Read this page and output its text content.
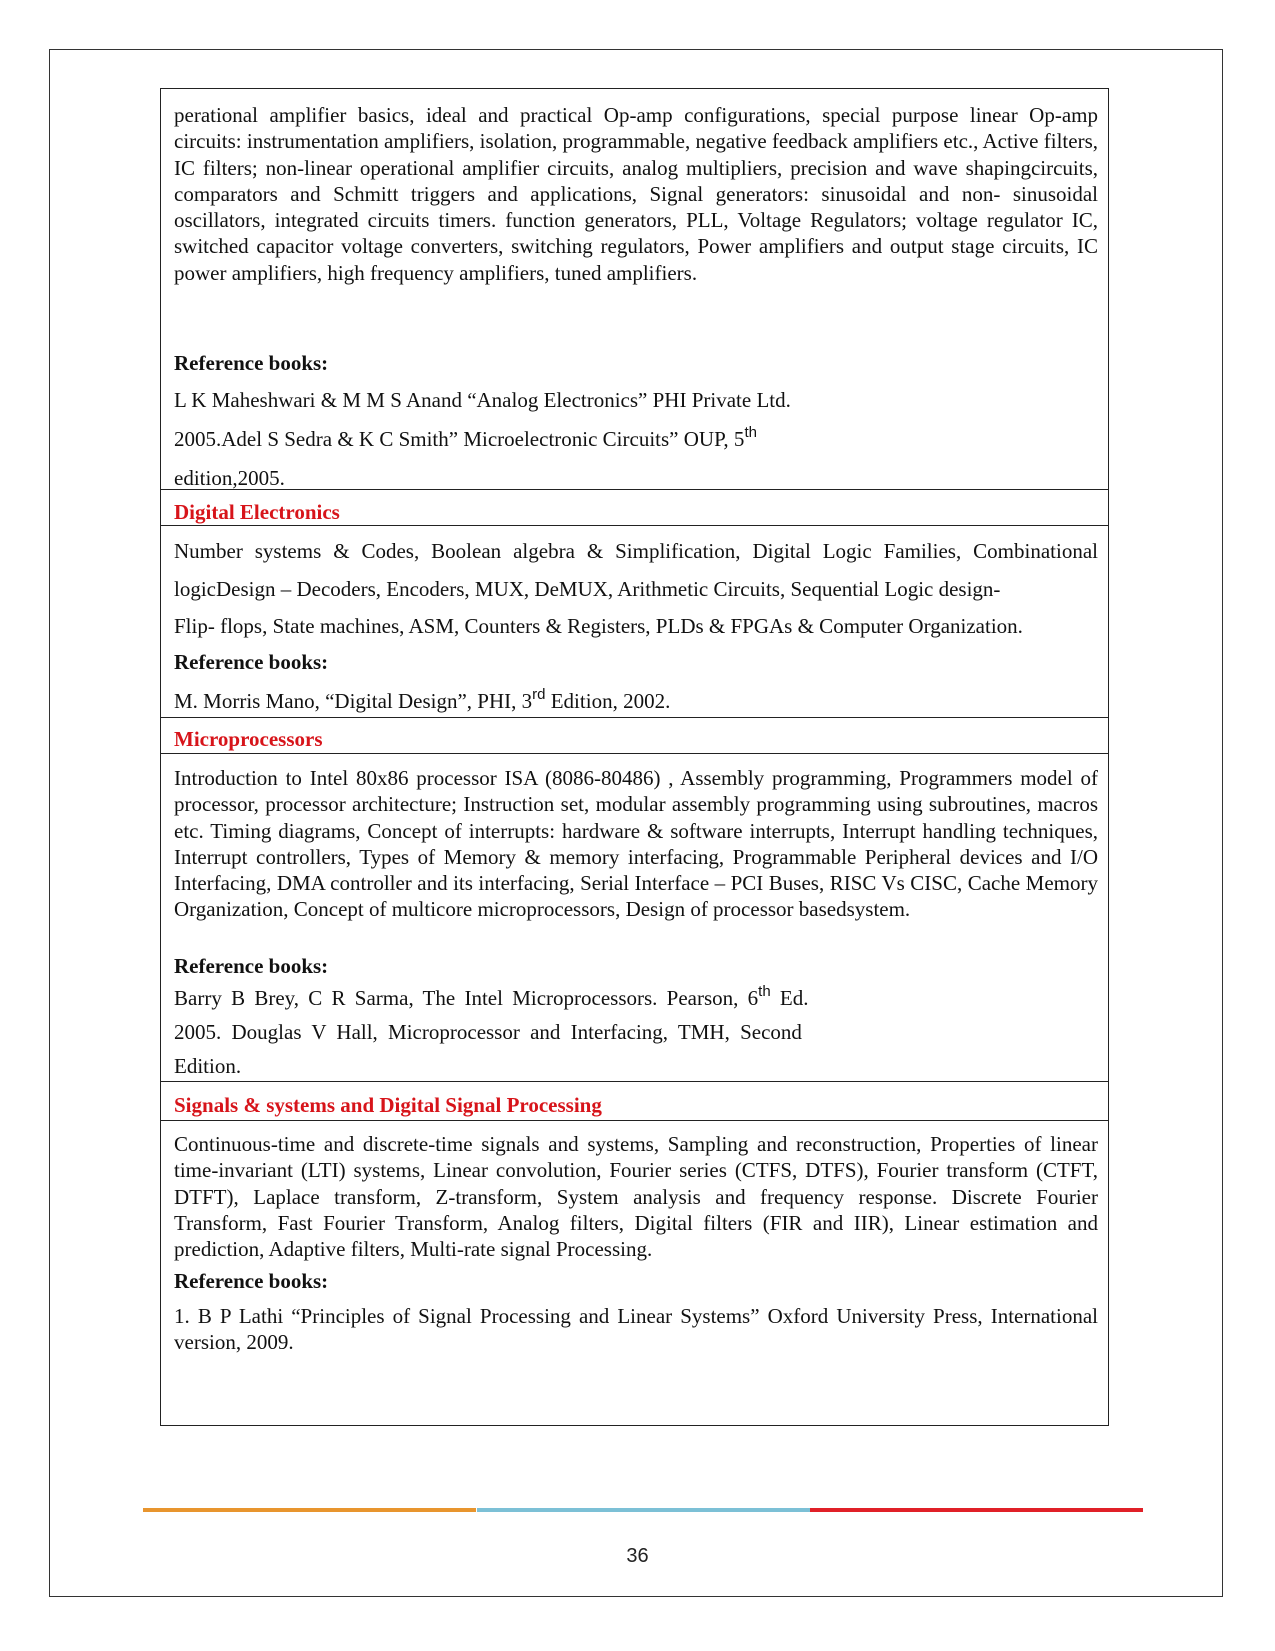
perational amplifier basics, ideal and practical Op-amp configurations, special purpose linear Op-amp circuits: instrumentation amplifiers, isolation, programmable, negative feedback amplifiers etc., Active filters, IC filters; non-linear operational amplifier circuits, analog multipliers, precision and wave shapingcircuits, comparators and Schmitt triggers and applications, Signal generators: sinusoidal and non- sinusoidal oscillators, integrated circuits timers. function generators, PLL, Voltage Regulators; voltage regulator IC, switched capacitor voltage converters, switching regulators, Power amplifiers and output stage circuits, IC power amplifiers, high frequency amplifiers, tuned amplifiers.

Reference books:
L K Maheshwari & M M S Anand “Analog Electronics” PHI Private Ltd.
2005.Adel S Sedra & K C Smith” Microelectronic Circuits” OUP, 5th
edition,2005.
Digital Electronics
Number systems & Codes, Boolean algebra & Simplification, Digital Logic Families, Combinational
logicDesign – Decoders, Encoders, MUX, DeMUX, Arithmetic Circuits, Sequential Logic design-
Flip- flops, State machines, ASM, Counters & Registers, PLDs & FPGAs & Computer Organization.
Reference books:
M. Morris Mano, “Digital Design”, PHI, 3rd Edition, 2002.
Microprocessors

Introduction to Intel 80x86 processor ISA (8086-80486) , Assembly programming, Programmers model of processor, processor architecture; Instruction set, modular assembly programming using subroutines, macros etc. Timing diagrams, Concept of interrupts: hardware & software interrupts, Interrupt handling techniques, Interrupt controllers, Types of Memory & memory interfacing, Programmable Peripheral devices and I/O Interfacing, DMA controller and its interfacing, Serial Interface – PCI Buses, RISC Vs CISC, Cache Memory Organization, Concept of multicore microprocessors, Design of processor basedsystem.

Reference books:
Barry B Brey, C R Sarma, The Intel Microprocessors. Pearson, 6th Ed.
2005. Douglas V Hall, Microprocessor and Interfacing, TMH, Second
Edition.
Signals & systems and Digital Signal Processing

Continuous-time and discrete-time signals and systems, Sampling and reconstruction, Properties of linear time-invariant (LTI) systems, Linear convolution, Fourier series (CTFS, DTFS), Fourier transform (CTFT, DTFT), Laplace transform, Z-transform, System analysis and frequency response. Discrete Fourier Transform, Fast Fourier Transform, Analog filters, Digital filters (FIR and IIR), Linear estimation and prediction, Adaptive filters, Multi-rate signal Processing.

Reference books:

1. B P Lathi “Principles of Signal Processing and Linear Systems” Oxford University Press, International version, 2009.

36
